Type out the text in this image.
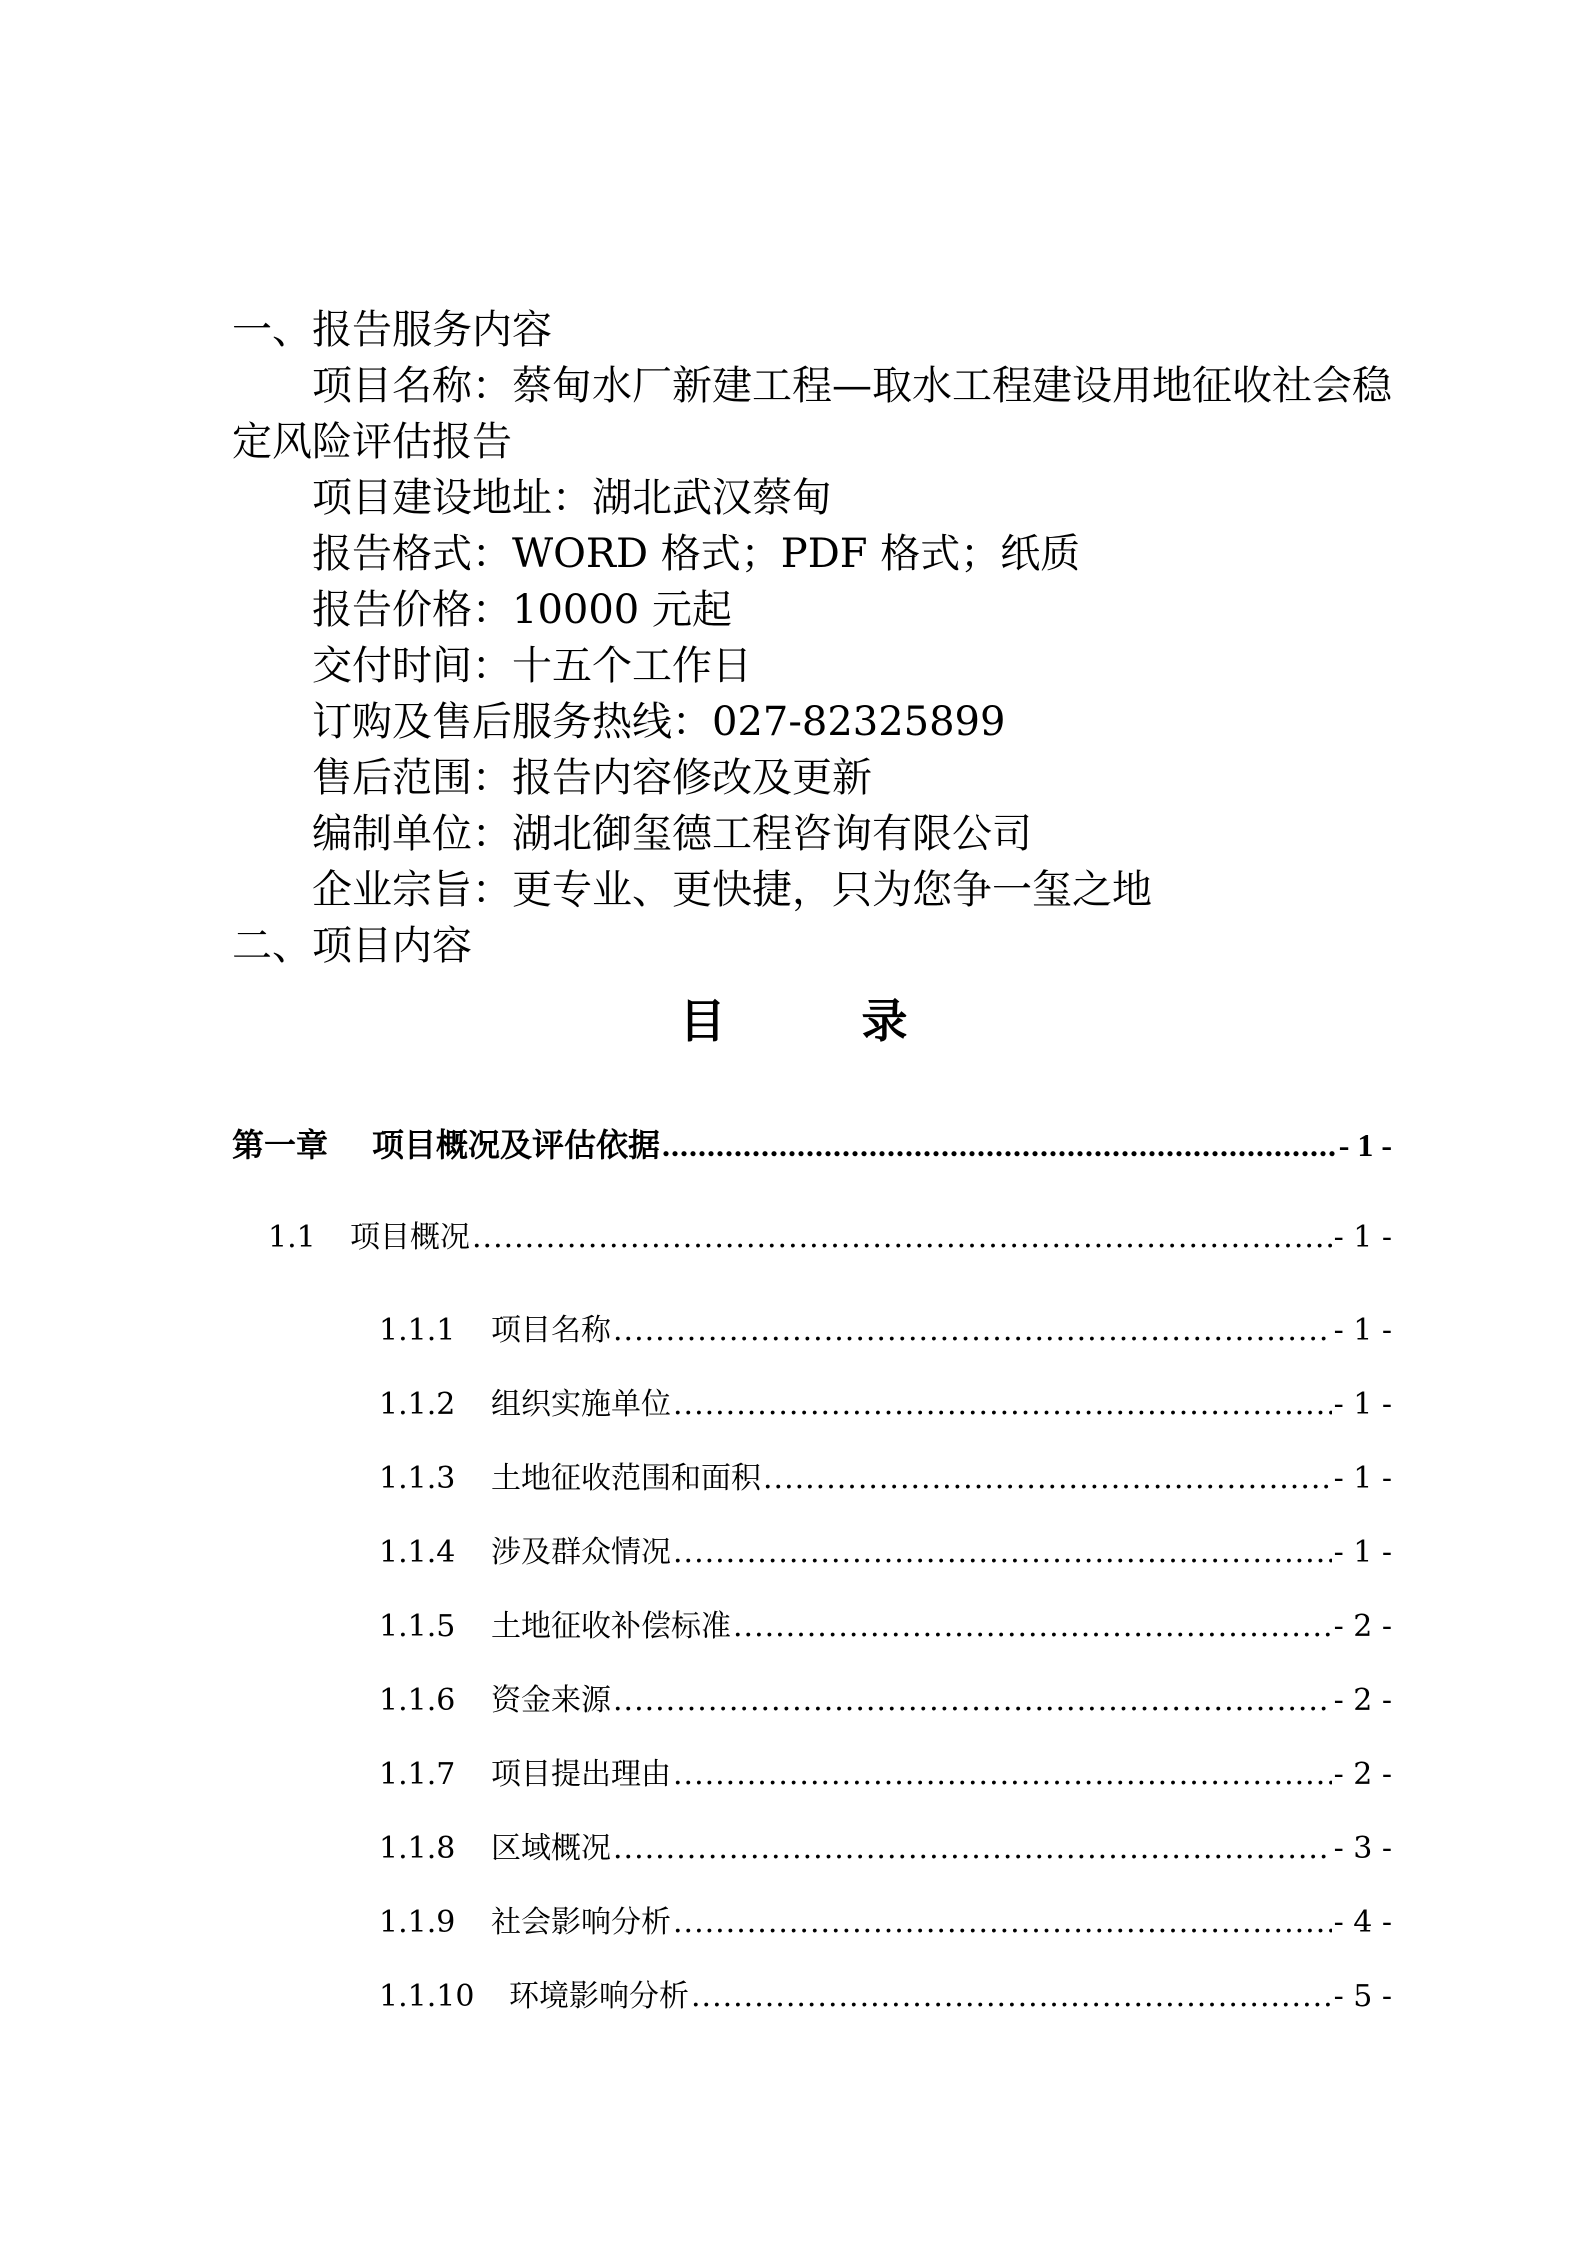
一、报告服务内容
项目名称：蔡甸水厂新建工程—取水工程建设用地征收社会稳定风险评估报告
项目建设地址：湖北武汉蔡甸
报告格式：WORD 格式；PDF 格式；纸质
报告价格：10000 元起
交付时间：十五个工作日
订购及售后服务热线：027-82325899
售后范围：报告内容修改及更新
编制单位：湖北御玺德工程咨询有限公司
企业宗旨：更专业、更快捷，只为您争一玺之地
二、项目内容
目 录
第一章	项目概况及评估依据 .....	- 1 -
1.1	项目概况 .....	- 1 -
1.1.1	项目名称 .....	- 1 -
1.1.2	组织实施单位 .....	- 1 -
1.1.3	土地征收范围和面积 .....	- 1 -
1.1.4	涉及群众情况 .....	- 1 -
1.1.5	土地征收补偿标准 .....	- 2 -
1.1.6	资金来源 .....	- 2 -
1.1.7	项目提出理由 .....	- 2 -
1.1.8	区域概况 .....	- 3 -
1.1.9	社会影响分析 .....	- 4 -
1.1.10	环境影响分析 .....	- 5 -
